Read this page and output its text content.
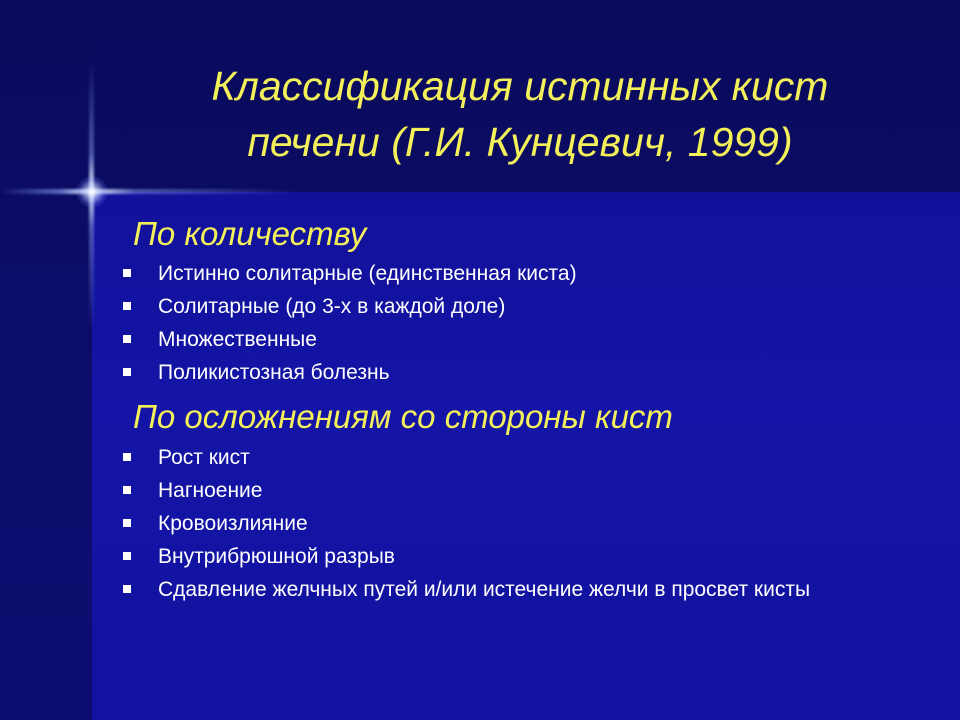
Классификация истинных кист
печени (Г.И. Кунцевич, 1999)
По количеству
Истинно солитарные (единственная киста)
Солитарные (до 3-х в каждой доле)
Множественные
Поликистозная болезнь
По осложнениям со стороны кист
Рост кист
Нагноение
Кровоизлияние
Внутрибрюшной разрыв
Сдавление желчных путей и/или истечение желчи в просвет кисты
